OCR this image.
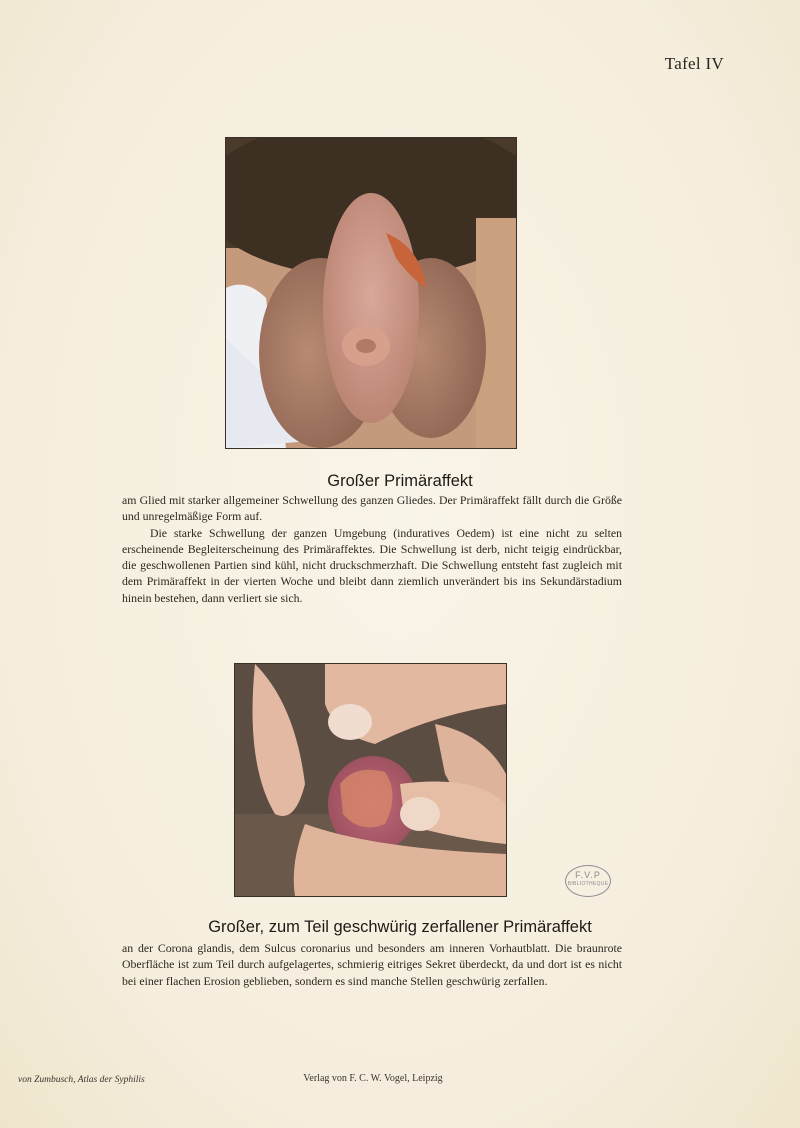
Tafel IV
Großer Primäraffekt

am Glied mit starker allgemeiner Schwellung des ganzen Gliedes. Der Primäraffekt fällt durch die Größe und unregelmäßige Form auf.

Die starke Schwellung der ganzen Umgebung (induratives Oedem) ist eine nicht zu selten erscheinende Begleiterscheinung des Primäraffektes. Die Schwellung ist derb, nicht teigig eindrückbar, die geschwollenen Partien sind kühl, nicht druckschmerzhaft. Die Schwellung entsteht fast zugleich mit dem Primäraffekt in der vierten Woche und bleibt dann ziemlich unverändert bis ins Sekundärstadium hinein bestehen, dann verliert sie sich.

F.V.P
BIBLIOTHEQUE
Großer, zum Teil geschwürig zerfallener Primäraffekt

an der Corona glandis, dem Sulcus coronarius und besonders am inneren Vorhautblatt. Die braunrote Oberfläche ist zum Teil durch aufgelagertes, schmierig eitriges Sekret überdeckt, da und dort ist es nicht bei einer flachen Erosion geblieben, sondern es sind manche Stellen geschwürig zerfallen.

von Zumbusch, Atlas der Syphilis	Verlag von F. C. W. Vogel, Leipzig
